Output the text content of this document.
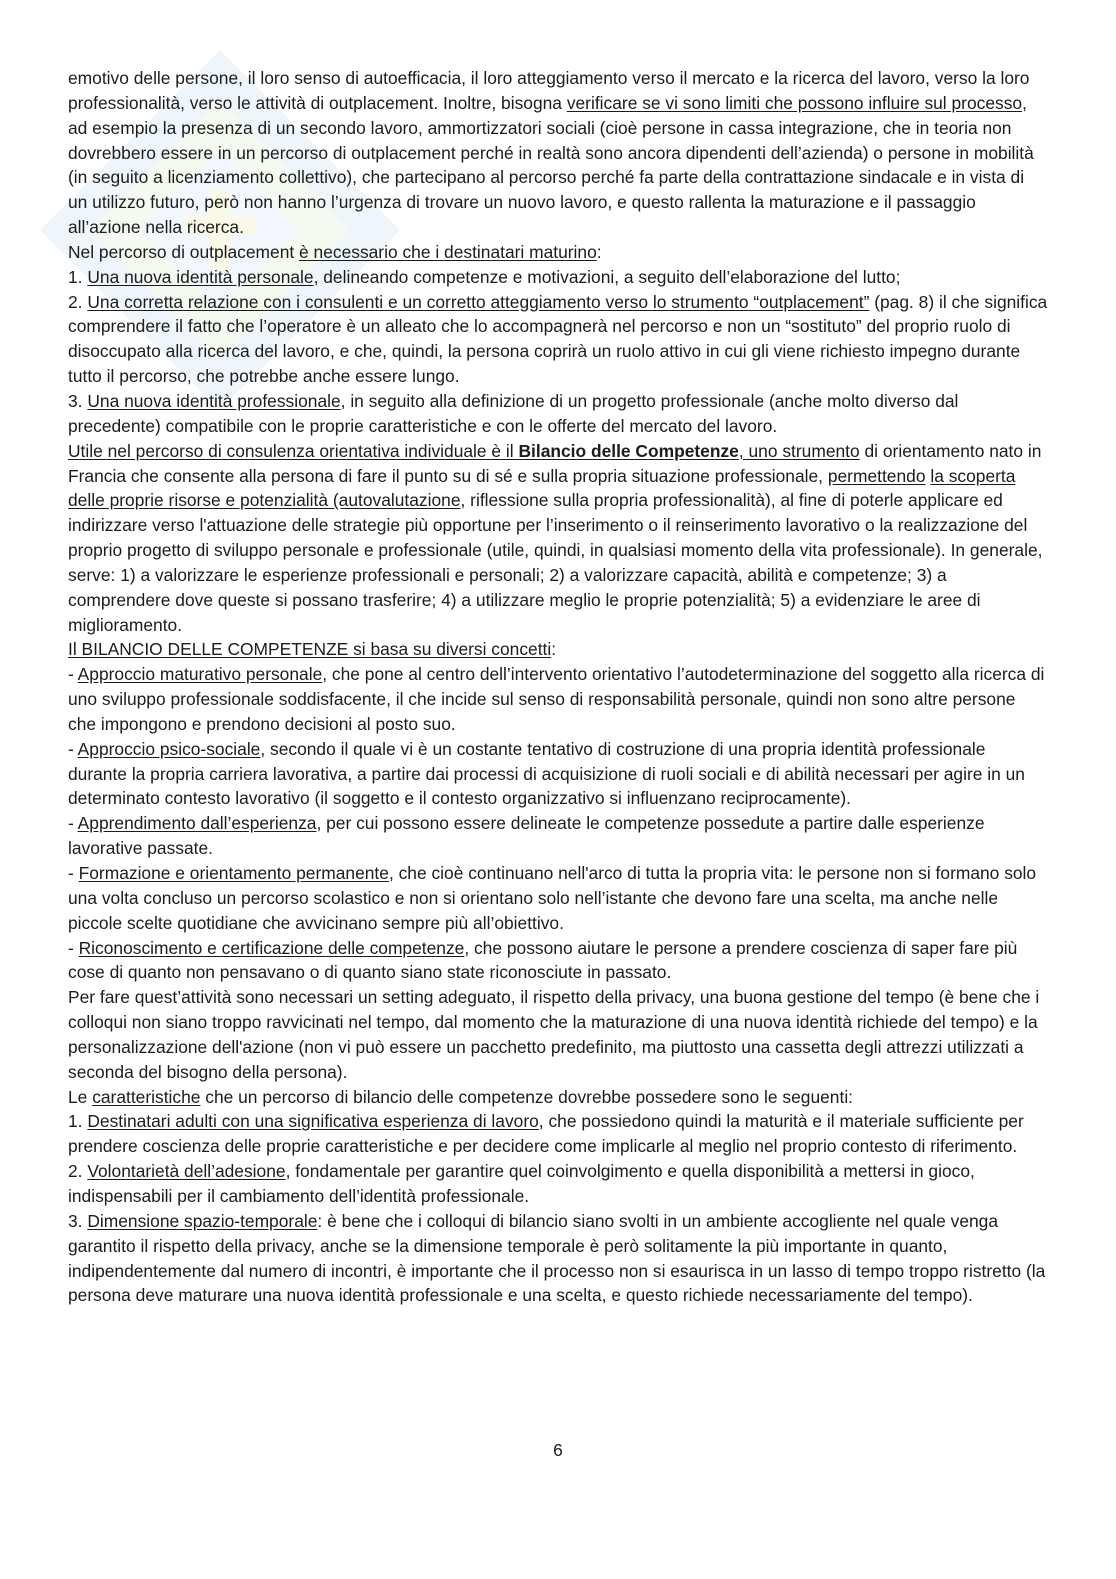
emotivo delle persone, il loro senso di autoefficacia, il loro atteggiamento verso il mercato e la ricerca del lavoro, verso la loro professionalità, verso le attività di outplacement. Inoltre, bisogna verificare se vi sono limiti che possono influire sul processo, ad esempio la presenza di un secondo lavoro, ammortizzatori sociali (cioè persone in cassa integrazione, che in teoria non dovrebbero essere in un percorso di outplacement perché in realtà sono ancora dipendenti dell’azienda) o persone in mobilità (in seguito a licenziamento collettivo), che partecipano al percorso perché fa parte della contrattazione sindacale e in vista di un utilizzo futuro, però non hanno l’urgenza di trovare un nuovo lavoro, e questo rallenta la maturazione e il passaggio all’azione nella ricerca.

Nel percorso di outplacement è necessario che i destinatari maturino:

1. Una nuova identità personale, delineando competenze e motivazioni, a seguito dell’elaborazione del lutto;

2. Una corretta relazione con i consulenti e un corretto atteggiamento verso lo strumento “outplacement” (pag. 8) il che significa comprendere il fatto che l’operatore è un alleato che lo accompagnerà nel percorso e non un “sostituto” del proprio ruolo di disoccupato alla ricerca del lavoro, e che, quindi, la persona coprirà un ruolo attivo in cui gli viene richiesto impegno durante tutto il percorso, che potrebbe anche essere lungo.

3. Una nuova identità professionale, in seguito alla definizione di un progetto professionale (anche molto diverso dal precedente) compatibile con le proprie caratteristiche e con le offerte del mercato del lavoro.

Utile nel percorso di consulenza orientativa individuale è il Bilancio delle Competenze, uno strumento di orientamento nato in Francia che consente alla persona di fare il punto su di sé e sulla propria situazione professionale, permettendo la scoperta delle proprie risorse e potenzialità (autovalutazione, riflessione sulla propria professionalità), al fine di poterle applicare ed indirizzare verso l'attuazione delle strategie più opportune per l’inserimento o il reinserimento lavorativo o la realizzazione del proprio progetto di sviluppo personale e professionale (utile, quindi, in qualsiasi momento della vita professionale). In generale, serve: 1) a valorizzare le esperienze professionali e personali; 2) a valorizzare capacità, abilità e competenze; 3) a comprendere dove queste si possano trasferire; 4) a utilizzare meglio le proprie potenzialità; 5) a evidenziare le aree di miglioramento.

Il BILANCIO DELLE COMPETENZE si basa su diversi concetti:

- Approccio maturativo personale, che pone al centro dell’intervento orientativo l’autodeterminazione del soggetto alla ricerca di uno sviluppo professionale soddisfacente, il che incide sul senso di responsabilità personale, quindi non sono altre persone che impongono e prendono decisioni al posto suo.

- Approccio psico-sociale, secondo il quale vi è un costante tentativo di costruzione di una propria identità professionale durante la propria carriera lavorativa, a partire dai processi di acquisizione di ruoli sociali e di abilità necessari per agire in un determinato contesto lavorativo (il soggetto e il contesto organizzativo si influenzano reciprocamente).

- Apprendimento dall’esperienza, per cui possono essere delineate le competenze possedute a partire dalle esperienze lavorative passate.

- Formazione e orientamento permanente, che cioè continuano nell'arco di tutta la propria vita: le persone non si formano solo una volta concluso un percorso scolastico e non si orientano solo nell’istante che devono fare una scelta, ma anche nelle piccole scelte quotidiane che avvicinano sempre più all’obiettivo.

- Riconoscimento e certificazione delle competenze, che possono aiutare le persone a prendere coscienza di saper fare più cose di quanto non pensavano o di quanto siano state riconosciute in passato.

Per fare quest’attività sono necessari un setting adeguato, il rispetto della privacy, una buona gestione del tempo (è bene che i colloqui non siano troppo ravvicinati nel tempo, dal momento che la maturazione di una nuova identità richiede del tempo) e la personalizzazione dell'azione (non vi può essere un pacchetto predefinito, ma piuttosto una cassetta degli attrezzi utilizzati a seconda del bisogno della persona).

Le caratteristiche che un percorso di bilancio delle competenze dovrebbe possedere sono le seguenti:

1. Destinatari adulti con una significativa esperienza di lavoro, che possiedono quindi la maturità e il materiale sufficiente per prendere coscienza delle proprie caratteristiche e per decidere come implicarle al meglio nel proprio contesto di riferimento.

2. Volontarietà dell’adesione, fondamentale per garantire quel coinvolgimento e quella disponibilità a mettersi in gioco, indispensabili per il cambiamento dell’identità professionale.

3. Dimensione spazio-temporale: è bene che i colloqui di bilancio siano svolti in un ambiente accogliente nel quale venga garantito il rispetto della privacy, anche se la dimensione temporale è però solitamente la più importante in quanto, indipendentemente dal numero di incontri, è importante che il processo non si esaurisca in un lasso di tempo troppo ristretto (la persona deve maturare una nuova identità professionale e una scelta, e questo richiede necessariamente del tempo).

6
